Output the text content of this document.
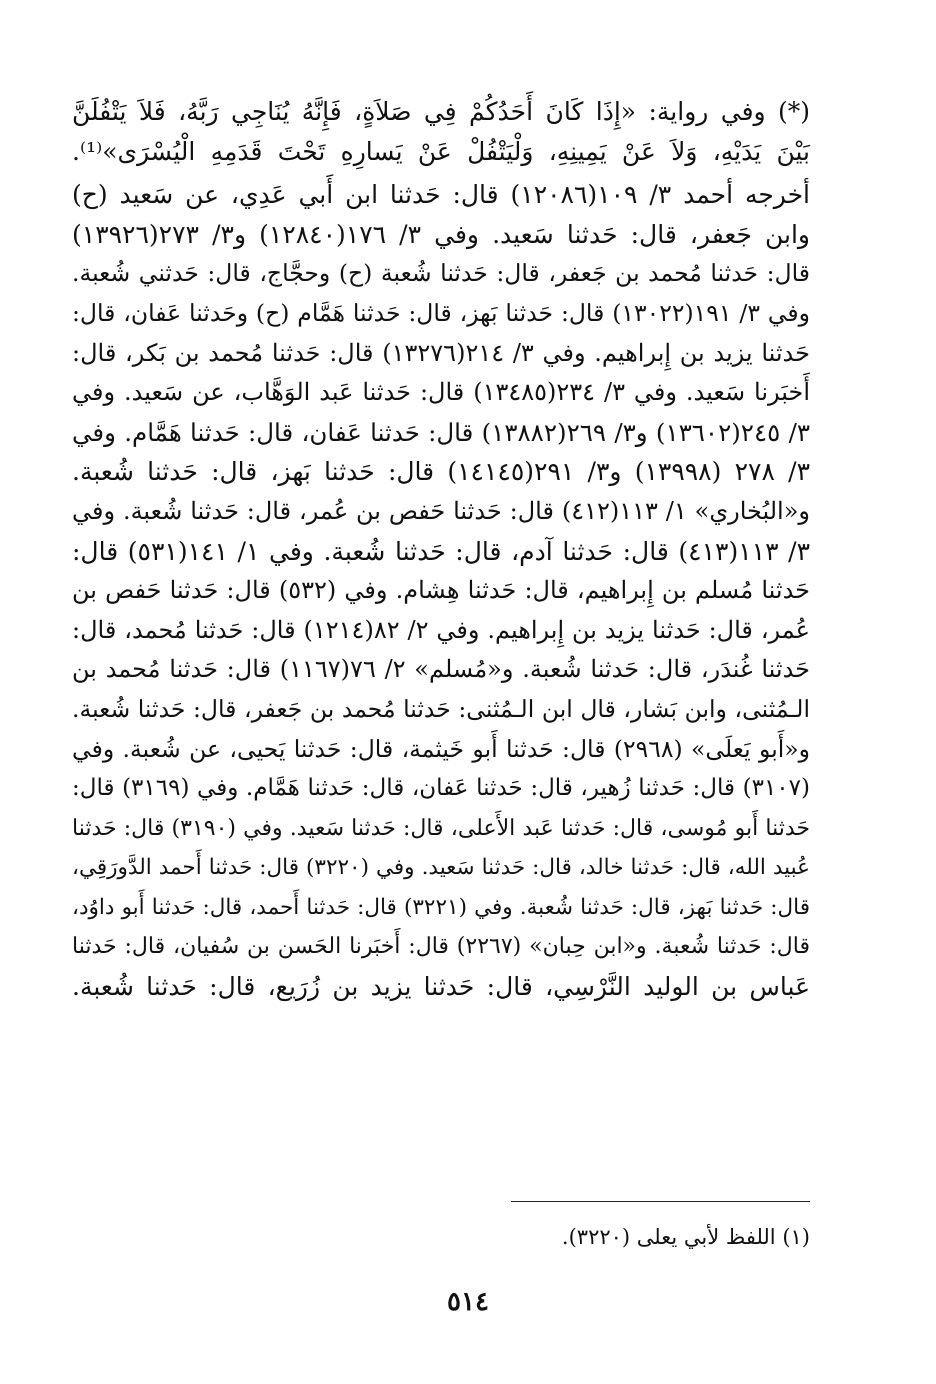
(*) وفي رواية: «إِذَا كَانَ أَحَدُكُمْ فِي صَلاَةٍ، فَإِنَّهُ يُنَاجِي رَبَّهُ، فَلاَ يَتْفُلَنَّ
بَيْنَ يَدَيْهِ، وَلاَ عَنْ يَمِينِهِ، وَلْيَتْفُلْ عَنْ يَسارِهِ تَحْتَ قَدَمِهِ الْيُسْرَى»⁽¹⁾.
أخرجه أحمد ٣/ ١٠٩(١٢٠٨٦) قال: حَدثنا ابن أَبي عَدِي، عن سَعيد (ح)
وابن جَعفر، قال: حَدثنا سَعيد. وفي ٣/ ١٧٦(١٢٨٤٠) و٣/ ٢٧٣(١٣٩٢٦)
قال: حَدثنا مُحمد بن جَعفر، قال: حَدثنا شُعبة (ح) وحجَّاج، قال: حَدثني شُعبة.
وفي ٣/ ١٩١(١٣٠٢٢) قال: حَدثنا بَهز، قال: حَدثنا هَمَّام (ح) وحَدثنا عَفان، قال:
حَدثنا يزيد بن إِبراهيم. وفي ٣/ ٢١٤(١٣٢٧٦) قال: حَدثنا مُحمد بن بَكر، قال:
أَخبَرنا سَعيد. وفي ٣/ ٢٣٤(١٣٤٨٥) قال: حَدثنا عَبد الوَهَّاب، عن سَعيد. وفي
٣/ ٢٤٥(١٣٦٠٢) و٣/ ٢٦٩(١٣٨٨٢) قال: حَدثنا عَفان، قال: حَدثنا هَمَّام. وفي
٣/ ٢٧٨ (١٣٩٩٨) و٣/ ٢٩١(١٤١٤٥) قال: حَدثنا بَهز، قال: حَدثنا شُعبة.
و«البُخاري» ١/ ١١٣(٤١٢) قال: حَدثنا حَفص بن عُمر، قال: حَدثنا شُعبة. وفي
٣/ ١١٣(٤١٣) قال: حَدثنا آدم، قال: حَدثنا شُعبة. وفي ١/ ١٤١(٥٣١) قال:
حَدثنا مُسلم بن إِبراهيم، قال: حَدثنا هِشام. وفي (٥٣٢) قال: حَدثنا حَفص بن
عُمر، قال: حَدثنا يزيد بن إِبراهيم. وفي ٢/ ٨٢(١٢١٤) قال: حَدثنا مُحمد، قال:
حَدثنا غُندَر، قال: حَدثنا شُعبة. و«مُسلم» ٢/ ٧٦(١١٦٧) قال: حَدثنا مُحمد بن
الـمُثنى، وابن بَشار، قال ابن الـمُثنى: حَدثنا مُحمد بن جَعفر، قال: حَدثنا شُعبة.
و«أَبو يَعلَى» (٢٩٦٨) قال: حَدثنا أَبو خَيثمة، قال: حَدثنا يَحيى، عن شُعبة. وفي
(٣١٠٧) قال: حَدثنا زُهير، قال: حَدثنا عَفان، قال: حَدثنا هَمَّام. وفي (٣١٦٩) قال:
حَدثنا أَبو مُوسى، قال: حَدثنا عَبد الأَعلى، قال: حَدثنا سَعيد. وفي (٣١٩٠) قال: حَدثنا
عُبيد الله، قال: حَدثنا خالد، قال: حَدثنا سَعيد. وفي (٣٢٢٠) قال: حَدثنا أَحمد الدَّورَقِي،
قال: حَدثنا بَهز، قال: حَدثنا شُعبة. وفي (٣٢٢١) قال: حَدثنا أَحمد، قال: حَدثنا أَبو داوُد،
قال: حَدثنا شُعبة. و«ابن حِبان» (٢٢٦٧) قال: أَخبَرنا الحَسن بن سُفيان، قال: حَدثنا
عَباس بن الوليد النَّرْسِي، قال: حَدثنا يزيد بن زُرَيع، قال: حَدثنا شُعبة.
(١) اللفظ لأبي يعلى (٣٢٢٠).
٥١٤
